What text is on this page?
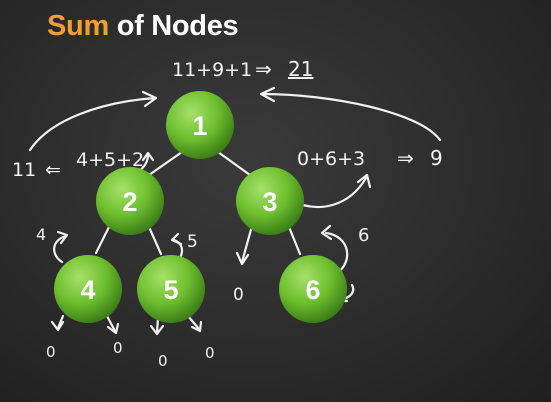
Sum of Nodes
1
2	3
4	5	6
11+9+1 ⇒ 21
11 ⇐ 4+5+2	0+6+3 ⇒ 9
4	5	6
0
0	0
0 0
